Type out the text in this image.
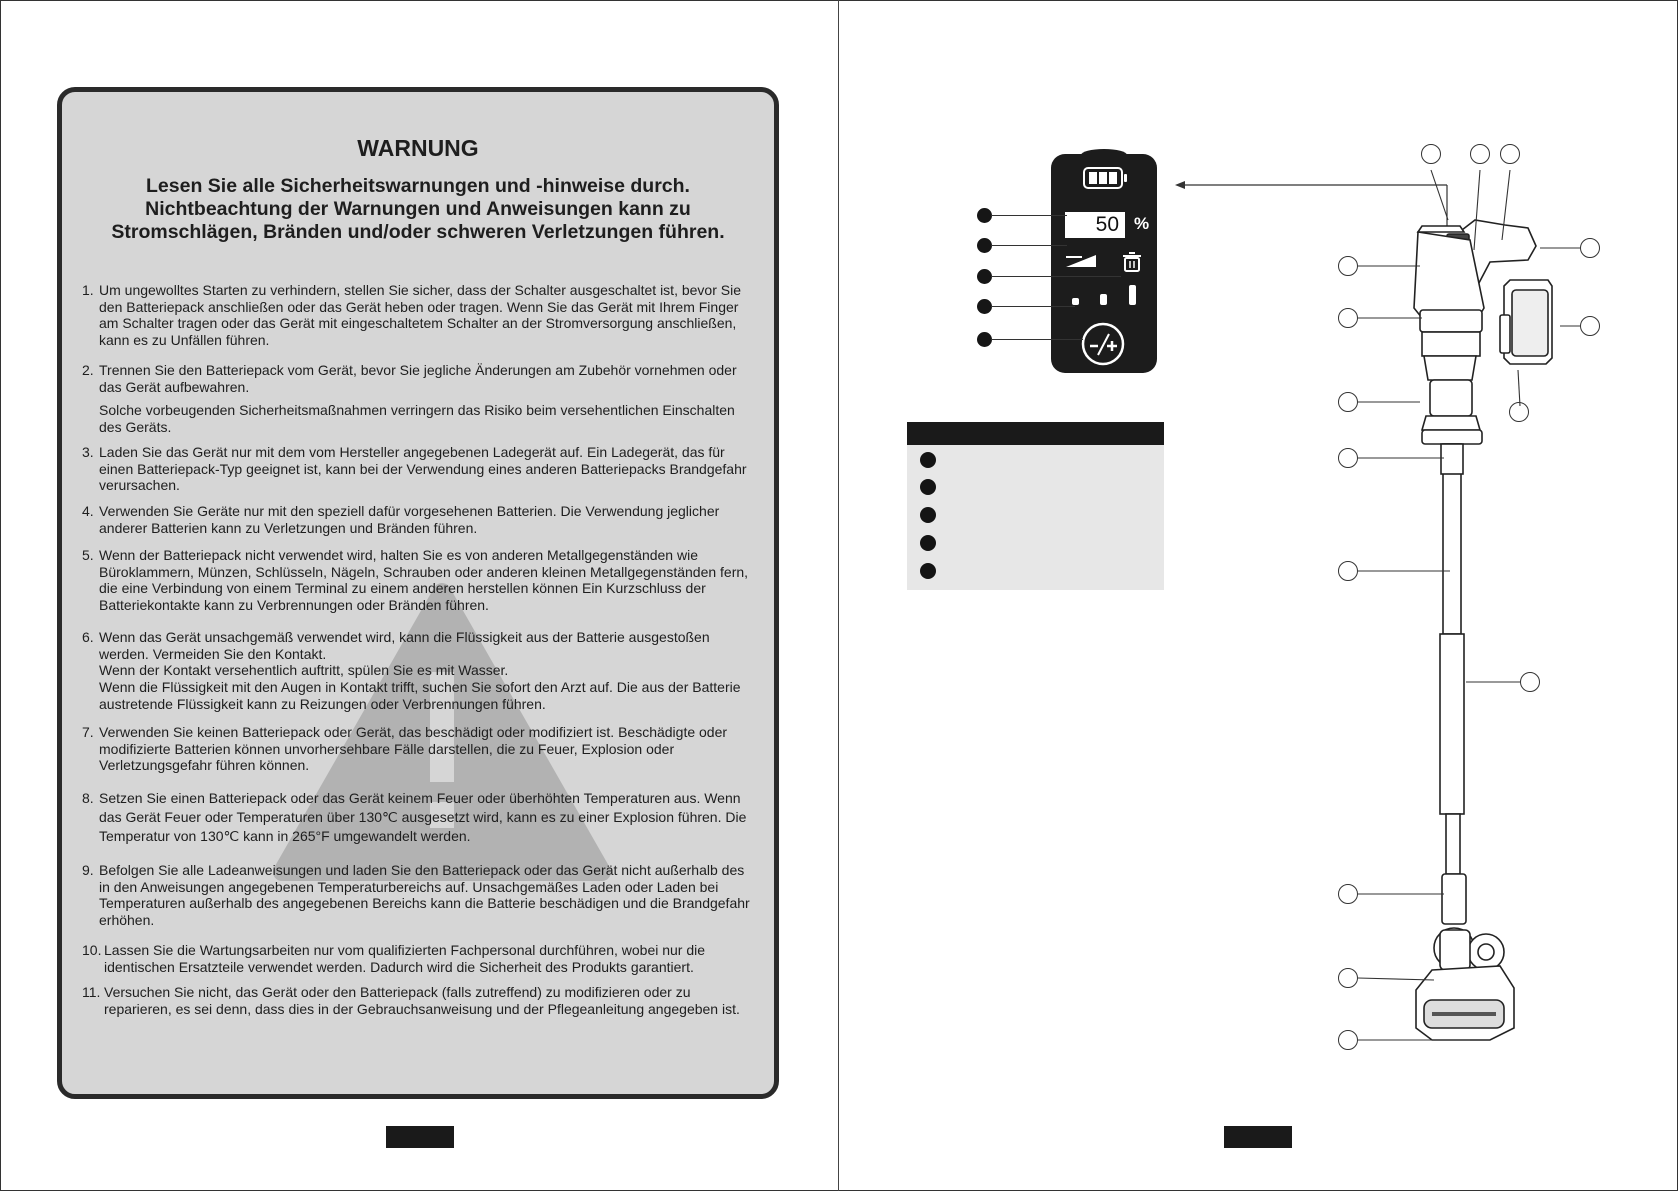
WARNUNG
Lesen Sie alle Sicherheitswarnungen und -hinweise durch. Nichtbeachtung der Warnungen und Anweisungen kann zu Stromschlägen, Bränden und/oder schweren Verletzungen führen.
1. Um ungewolltes Starten zu verhindern, stellen Sie sicher, dass der Schalter ausgeschaltet ist, bevor Sie den Batteriepack anschließen oder das Gerät heben oder tragen. Wenn Sie das Gerät mit Ihrem Finger am Schalter tragen oder das Gerät mit eingeschaltetem Schalter an der Stromversorgung anschließen, kann es zu Unfällen führen.
2. Trennen Sie den Batteriepack vom Gerät, bevor Sie jegliche Änderungen am Zubehör vornehmen oder das Gerät aufbewahren.
Solche vorbeugenden Sicherheitsmaßnahmen verringern das Risiko beim versehentlichen Einschalten des Geräts.
3. Laden Sie das Gerät nur mit dem vom Hersteller angegebenen Ladegerät auf. Ein Ladegerät, das für einen Batteriepack-Typ geeignet ist, kann bei der Verwendung eines anderen Batteriepacks Brandgefahr verursachen.
4. Verwenden Sie Geräte nur mit den speziell dafür vorgesehenen Batterien. Die Verwendung jeglicher anderer Batterien kann zu Verletzungen und Bränden führen.
5. Wenn der Batteriepack nicht verwendet wird, halten Sie es von anderen Metallgegenständen wie Büroklammern, Münzen, Schlüsseln, Nägeln, Schrauben oder anderen kleinen Metallgegenständen fern, die eine Verbindung von einem Terminal zu einem anderen herstellen können Ein Kurzschluss der Batteriekontakte kann zu Verbrennungen oder Bränden führen.
6. Wenn das Gerät unsachgemäß verwendet wird, kann die Flüssigkeit aus der Batterie ausgestoßen werden. Vermeiden Sie den Kontakt.
Wenn der Kontakt versehentlich auftritt, spülen Sie es mit Wasser.
Wenn die Flüssigkeit mit den Augen in Kontakt trifft, suchen Sie sofort den Arzt auf. Die aus der Batterie austretende Flüssigkeit kann zu Reizungen oder Verbrennungen führen.
7. Verwenden Sie keinen Batteriepack oder Gerät, das beschädigt oder modifiziert ist. Beschädigte oder modifizierte Batterien können unvorhersehbare Fälle darstellen, die zu Feuer, Explosion oder Verletzungsgefahr führen können.
8. Setzen Sie einen Batteriepack oder das Gerät keinem Feuer oder überhöhten Temperaturen aus. Wenn das Gerät Feuer oder Temperaturen über 130℃ ausgesetzt wird, kann es zu einer Explosion führen. Die Temperatur von 130℃ kann in 265°F umgewandelt werden.
9. Befolgen Sie alle Ladeanweisungen und laden Sie den Batteriepack oder das Gerät nicht außerhalb des in den Anweisungen angegebenen Temperaturbereichs auf. Unsachgemäßes Laden oder Laden bei Temperaturen außerhalb des angegebenen Bereichs kann die Batterie beschädigen und die Brandgefahr erhöhen.
10. Lassen Sie die Wartungsarbeiten nur vom qualifizierten Fachpersonal durchführen, wobei nur die identischen Ersatzteile verwendet werden. Dadurch wird die Sicherheit des Produkts garantiert.
11. Versuchen Sie nicht, das Gerät oder den Batteriepack (falls zutreffend) zu modifizieren oder zu reparieren, es sei denn, dass dies in der Gebrauchsanweisung und der Pflegeanleitung angegeben ist.
50 %
